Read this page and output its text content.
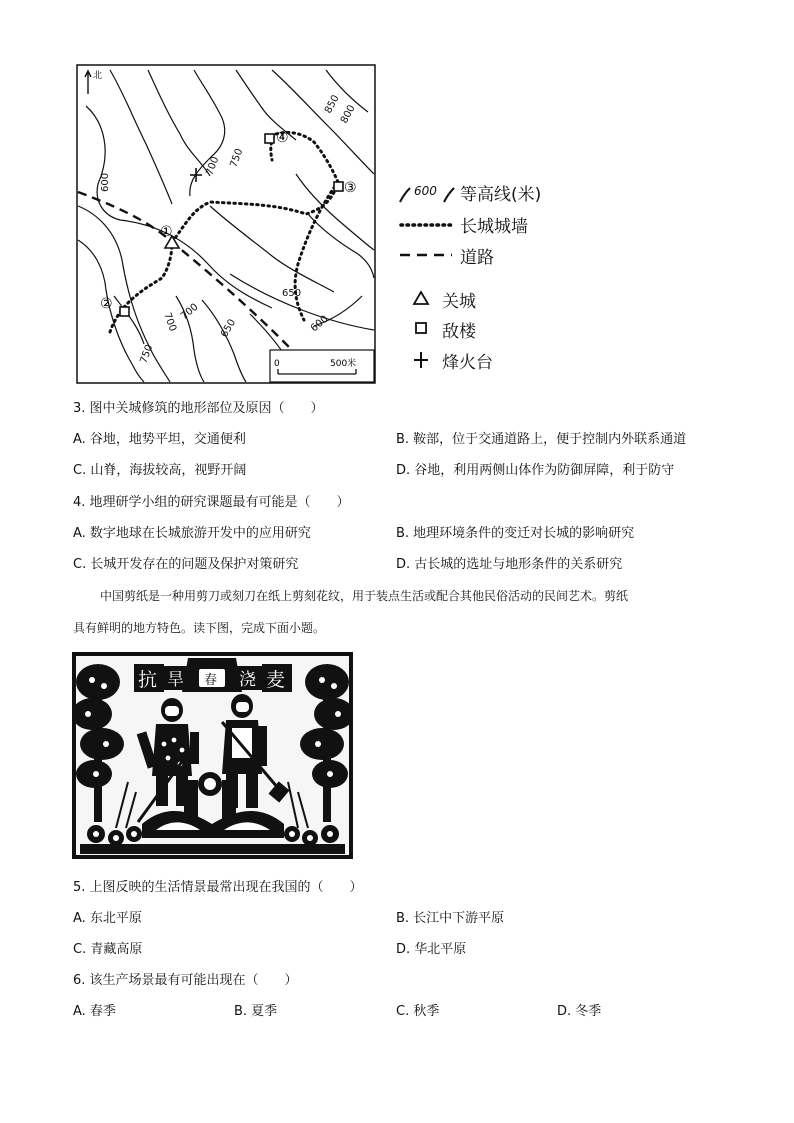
北
①
②
④
③
600
700 750
850
800
700
650
600
650
700
750	0	500米
600 等高线(米)
长城城墙
道路
关城
敌楼
烽火台
3. 图中关城修筑的地形部位及原因（　　）
A. 谷地，地势平坦，交通便利	B. 鞍部，位于交通道路上，便于控制内外联系通道
C. 山脊，海拔较高，视野开阔	D. 谷地，利用两侧山体作为防御屏障，利于防守
4. 地理研学小组的研究课题最有可能是（　　）
A. 数字地球在长城旅游开发中的应用研究	B. 地理环境条件的变迁对长城的影响研究
C. 长城开发存在的问题及保护对策研究	D. 古长城的选址与地形条件的关系研究
中国剪纸是一种用剪刀或刻刀在纸上剪刻花纹，用于装点生活或配合其他民俗活动的民间艺术。剪纸
具有鲜明的地方特色。读下图，完成下面小题。
抗 旱	浇 麦
春
5. 上图反映的生活情景最常出现在我国的（　　）
A. 东北平原	B. 长江中下游平原
C. 青藏高原	D. 华北平原
6. 该生产场景最有可能出现在（　　）
A. 春季	B. 夏季	C. 秋季	D. 冬季
